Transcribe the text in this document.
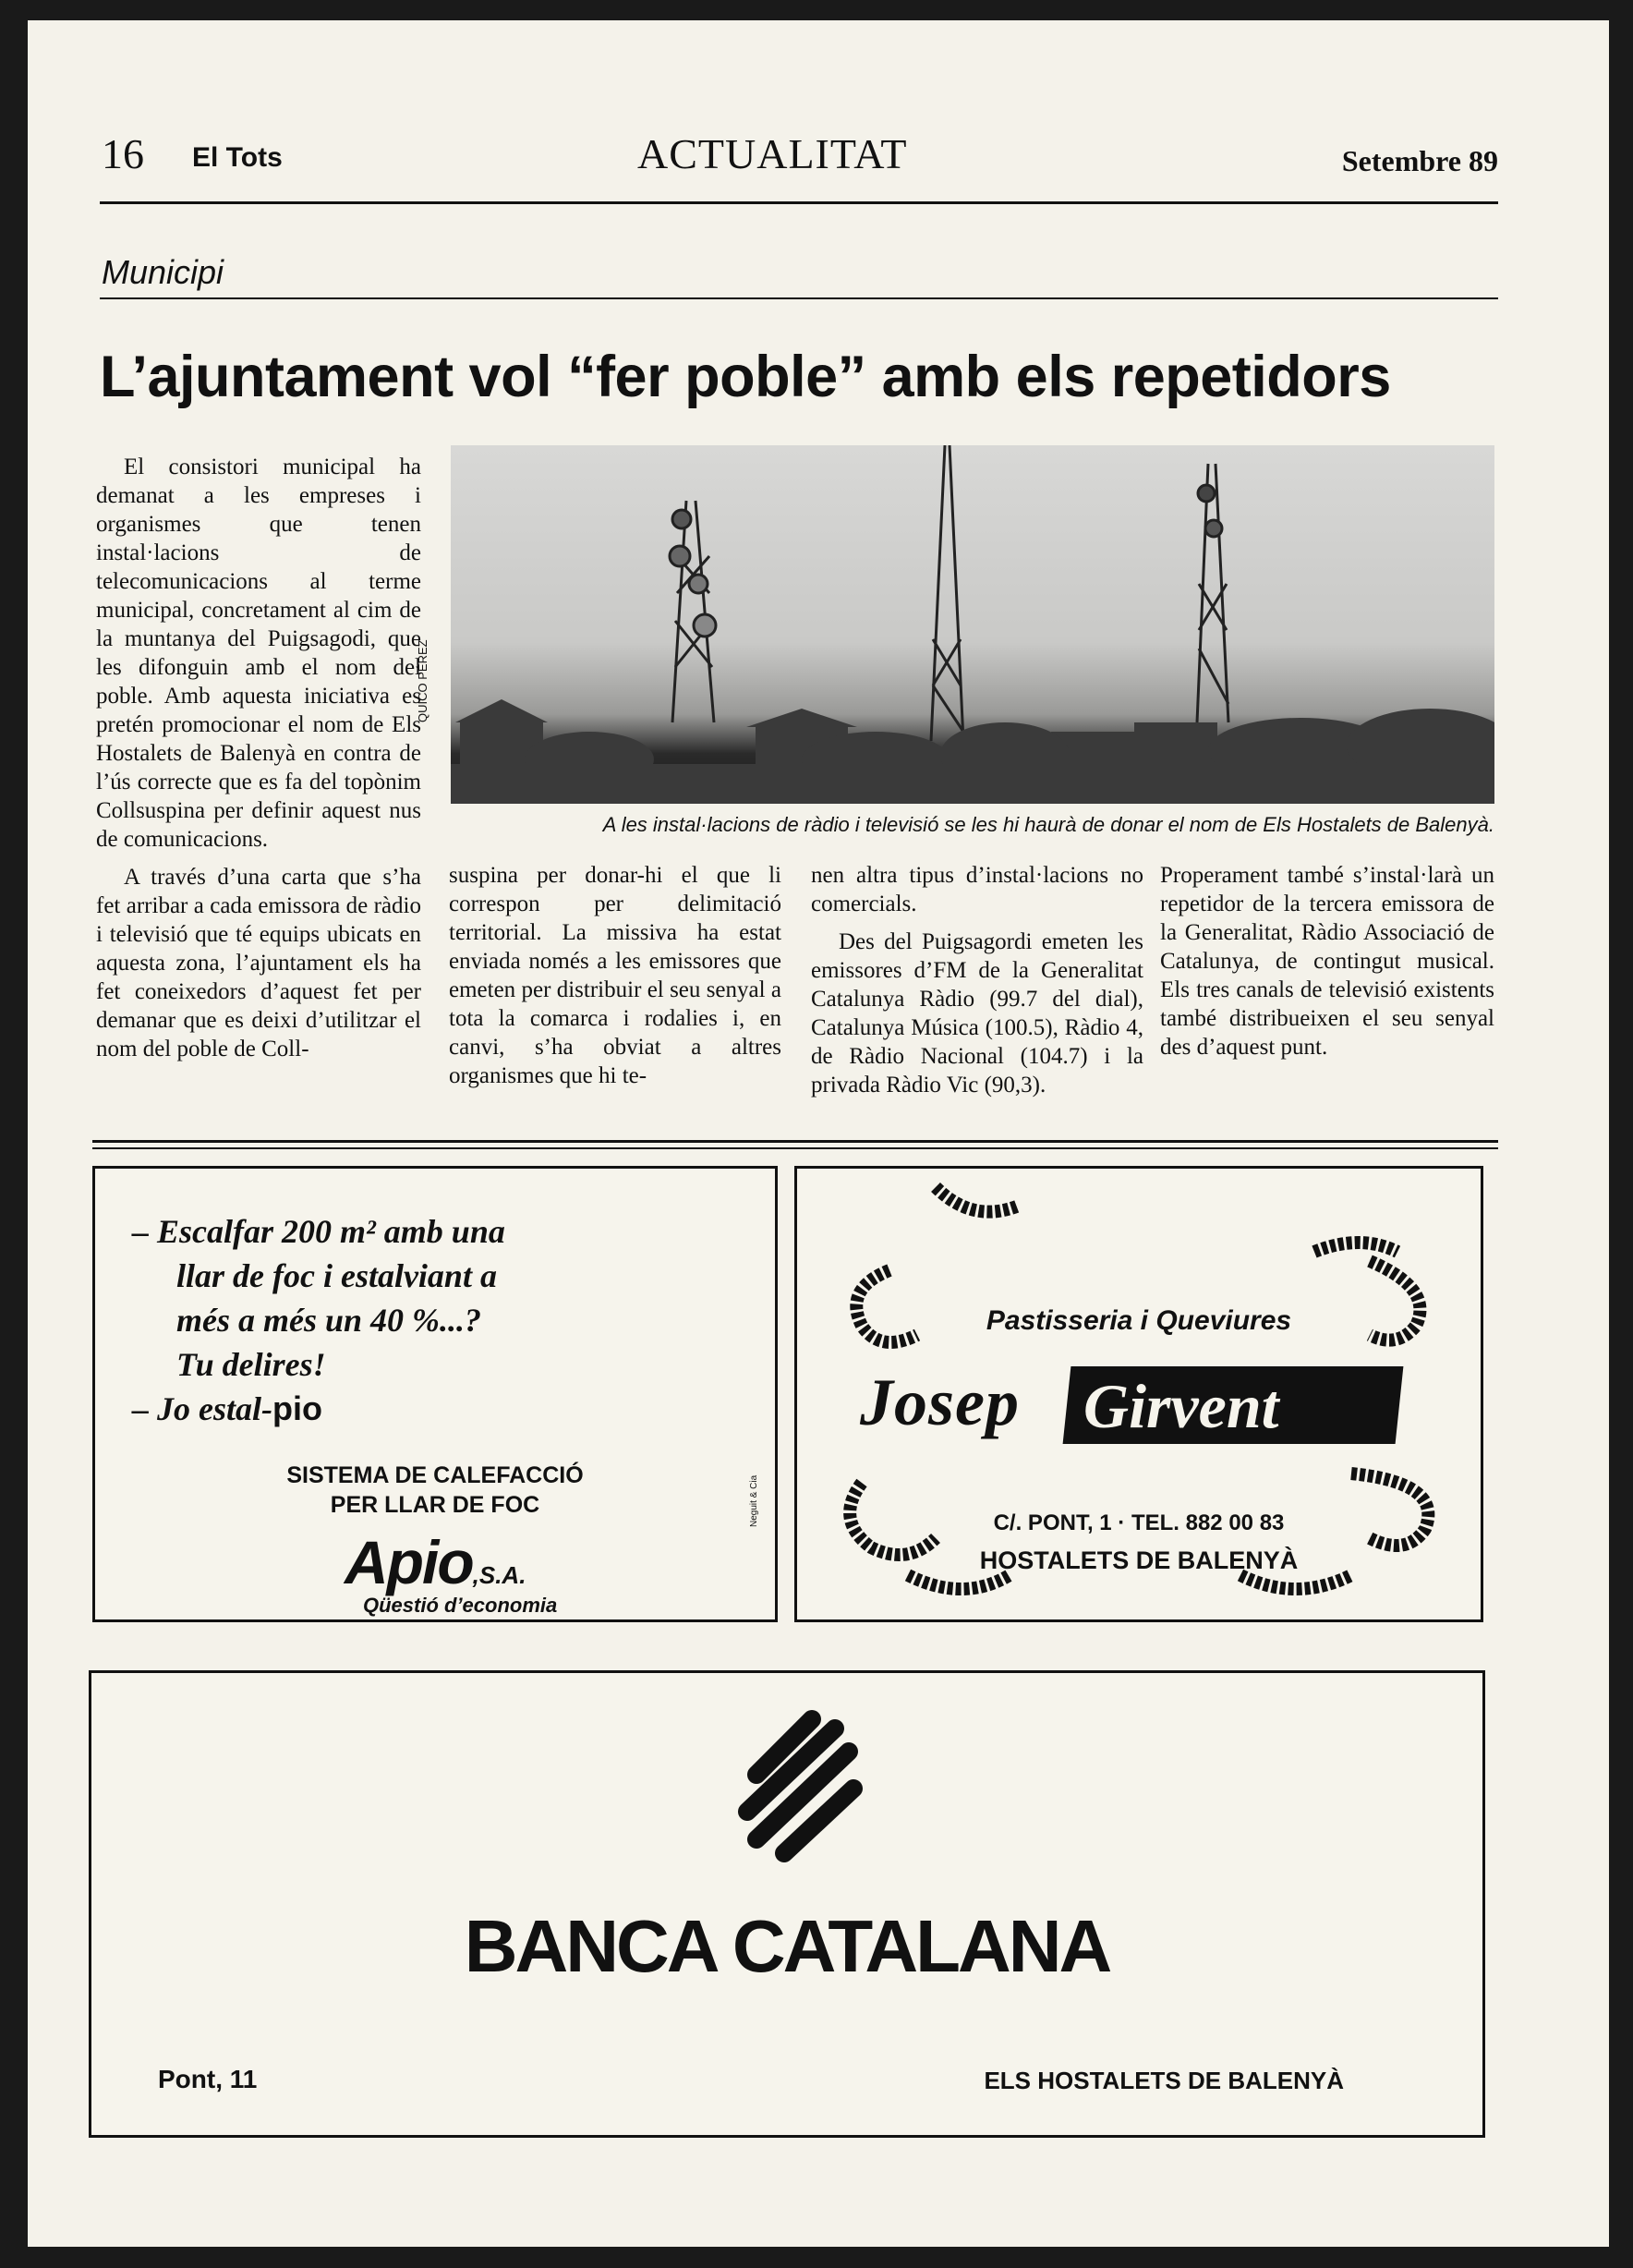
16 El Tots	ACTUALITAT	Setembre 89
Municipi
L’ajuntament vol “fer poble” amb els repetidors

El consistori municipal ha demanat a les empreses i organismes que tenen instal·lacions de telecomunicacions al terme municipal, concretament al cim de la muntanya del Puigsagodi, que les difonguin amb el nom del poble. Amb aquesta iniciativa es pretén promocionar el nom de Els Hostalets de Balenyà en contra de l’ús correcte que es fa del topònim Collsuspina per definir aquest nus de comunicacions.

A través d’una carta que s’ha fet arribar a cada emissora de ràdio i televisió que té equips ubicats en aquesta zona, l’ajuntament els ha fet coneixedors d’aquest fet per demanar que es deixi d’utilitzar el nom del poble de Coll-

QUICO PÉREZ
A les instal·lacions de ràdio i televisió se les hi haurà de donar el nom de Els Hostalets de Balenyà.

suspina per donar-hi el que li correspon per delimitació territorial. La missiva ha estat enviada només a les emissores que emeten per distribuir el seu senyal a tota la comarca i rodalies i, en canvi, s’ha obviat a altres organismes que hi te-

nen altra tipus d’instal·lacions no comercials.

Des del Puigsagordi emeten les emissores d’FM de la Generalitat Catalunya Ràdio (99.7 del dial), Catalunya Música (100.5), Ràdio 4, de Ràdio Nacional (104.7) i la privada Ràdio Vic (90,3).

Properament també s’instal·larà un repetidor de la tercera emissora de la Generalitat, Ràdio Associació de Catalunya, de contingut musical. Els tres canals de televisió existents també distribueixen el seu senyal des d’aquest punt.

– Escalfar 200 m² amb una
llar de foc i estalviant a
més a més un 40 %...?
Tu delires!
– Jo estal-pio
SISTEMA DE CALEFACCIÓ
PER LLAR DE FOC
Apio,S.A.
Qüestió d’economia
Neguit & Cia
Pastisseria i Queviures
Josep Girvent
C/. PONT, 1 · TEL. 882 00 83
HOSTALETS DE BALENYÀ
BANCA CATALANA
Pont, 11	ELS HOSTALETS DE BALENYÀ
